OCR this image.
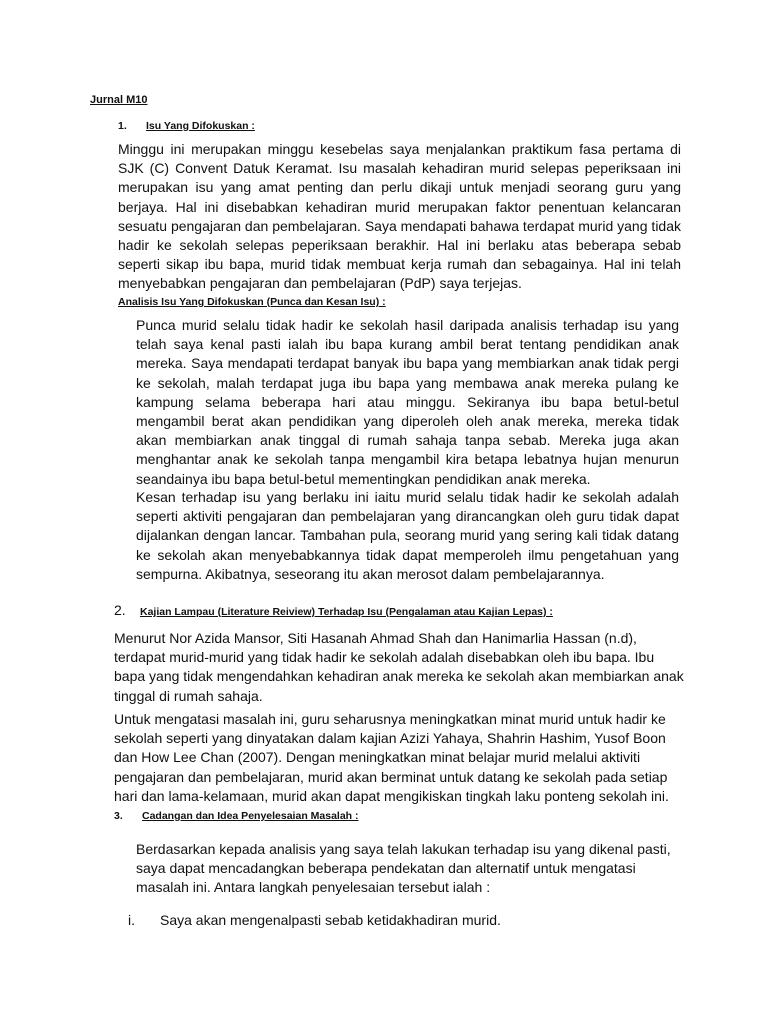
Jurnal M10
1. Isu Yang Difokuskan :

Minggu ini merupakan minggu kesebelas saya menjalankan praktikum fasa pertama di SJK (C) Convent Datuk Keramat. Isu masalah kehadiran murid selepas peperiksaan ini merupakan isu yang amat penting dan perlu dikaji untuk menjadi seorang guru yang berjaya. Hal ini disebabkan kehadiran murid merupakan faktor penentuan kelancaran sesuatu pengajaran dan pembelajaran. Saya mendapati bahawa terdapat murid yang tidak hadir ke sekolah selepas peperiksaan berakhir. Hal ini berlaku atas beberapa sebab seperti sikap ibu bapa, murid tidak membuat kerja rumah dan sebagainya. Hal ini telah menyebabkan pengajaran dan pembelajaran (PdP) saya terjejas.

Analisis Isu Yang Difokuskan (Punca dan Kesan Isu) :

Punca murid selalu tidak hadir ke sekolah hasil daripada analisis terhadap isu yang telah saya kenal pasti ialah ibu bapa kurang ambil berat tentang pendidikan anak mereka. Saya mendapati terdapat banyak ibu bapa yang membiarkan anak tidak pergi ke sekolah, malah terdapat juga ibu bapa yang membawa anak mereka pulang ke kampung selama beberapa hari atau minggu. Sekiranya ibu bapa betul-betul mengambil berat akan pendidikan yang diperoleh oleh anak mereka, mereka tidak akan membiarkan anak tinggal di rumah sahaja tanpa sebab. Mereka juga akan menghantar anak ke sekolah tanpa mengambil kira betapa lebatnya hujan menurun seandainya ibu bapa betul-betul mementingkan pendidikan anak mereka.

Kesan terhadap isu yang berlaku ini iaitu murid selalu tidak hadir ke sekolah adalah seperti aktiviti pengajaran dan pembelajaran yang dirancangkan oleh guru tidak dapat dijalankan dengan lancar. Tambahan pula, seorang murid yang sering kali tidak datang ke sekolah akan menyebabkannya tidak dapat memperoleh ilmu pengetahuan yang sempurna. Akibatnya, seseorang itu akan merosot dalam pembelajarannya.

2. Kajian Lampau (Literature Reiview) Terhadap Isu (Pengalaman atau Kajian Lepas) :

Menurut Nor Azida Mansor, Siti Hasanah Ahmad Shah dan Hanimarlia Hassan (n.d), terdapat murid-murid yang tidak hadir ke sekolah adalah disebabkan oleh ibu bapa. Ibu bapa yang tidak mengendahkan kehadiran anak mereka ke sekolah akan membiarkan anak tinggal di rumah sahaja.

Untuk mengatasi masalah ini, guru seharusnya meningkatkan minat murid untuk hadir ke sekolah seperti yang dinyatakan dalam kajian Azizi Yahaya, Shahrin Hashim, Yusof Boon dan How Lee Chan (2007). Dengan meningkatkan minat belajar murid melalui aktiviti pengajaran dan pembelajaran, murid akan berminat untuk datang ke sekolah pada setiap hari dan lama-kelamaan, murid akan dapat mengikiskan tingkah laku ponteng sekolah ini.

3. Cadangan dan Idea Penyelesaian Masalah :

Berdasarkan kepada analisis yang saya telah lakukan terhadap isu yang dikenal pasti, saya dapat mencadangkan beberapa pendekatan dan alternatif untuk mengatasi masalah ini. Antara langkah penyelesaian tersebut ialah :

i. Saya akan mengenalpasti sebab ketidakhadiran murid.
